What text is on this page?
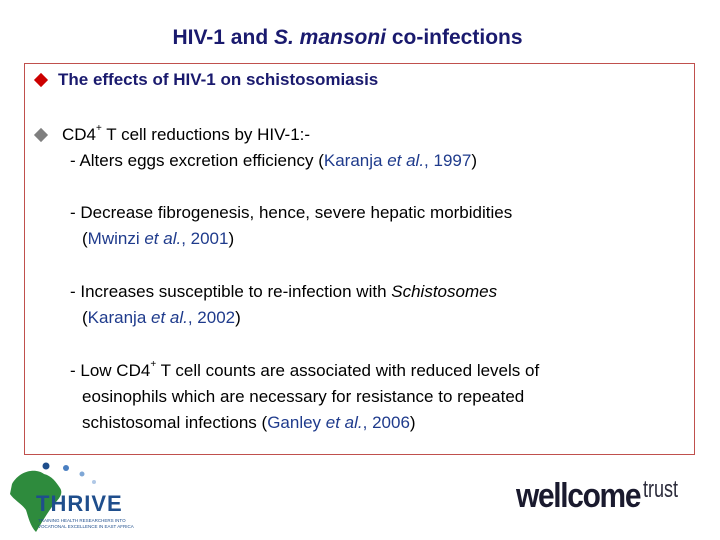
HIV-1 and S. mansoni co-infections
The effects of HIV-1 on schistosomiasis
CD4+ T cell reductions by HIV-1:-
- Alters eggs excretion efficiency (Karanja et al., 1997)
- Decrease fibrogenesis, hence, severe hepatic morbidities
(Mwinzi et al., 2001)
- Increases susceptible to re-infection with Schistosomes
(Karanja et al., 2002)
- Low CD4+ T cell counts are associated with reduced levels of
eosinophils which are necessary for resistance to repeated
schistosomal infections (Ganley et al., 2006)
THRIVE
TRAINING HEALTH RESEARCHERS INTO VOCATIONAL EXCELLENCE IN EAST AFRICA
wellcome trust
